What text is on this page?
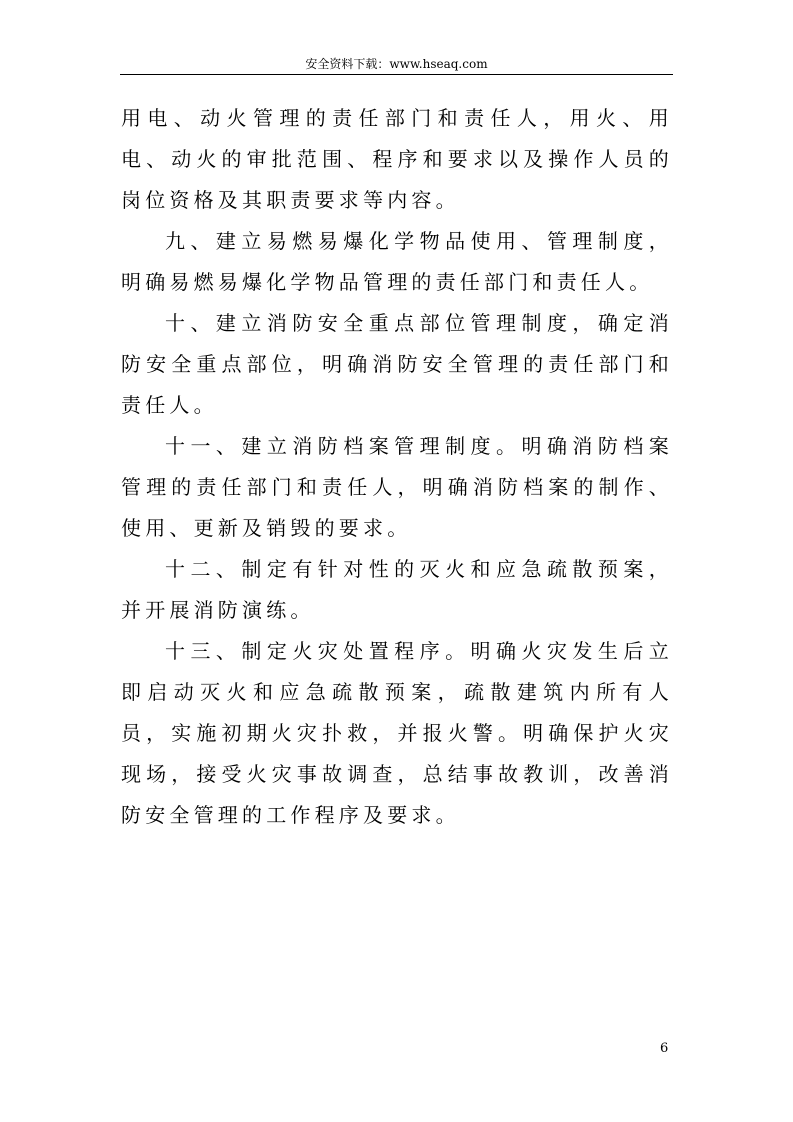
安全资料下载：www.hseaq.com

用电、动火管理的责任部门和责任人，用火、用电、动火的审批范围、程序和要求以及操作人员的岗位资格及其职责要求等内容。

九、建立易燃易爆化学物品使用、管理制度，明确易燃易爆化学物品管理的责任部门和责任人。

十、建立消防安全重点部位管理制度，确定消防安全重点部位，明确消防安全管理的责任部门和责任人。

十一、建立消防档案管理制度。明确消防档案管理的责任部门和责任人，明确消防档案的制作、使用、更新及销毁的要求。

十二、制定有针对性的灭火和应急疏散预案，并开展消防演练。

十三、制定火灾处置程序。明确火灾发生后立即启动灭火和应急疏散预案，疏散建筑内所有人员，实施初期火灾扑救，并报火警。明确保护火灾现场，接受火灾事故调查，总结事故教训，改善消防安全管理的工作程序及要求。

6
